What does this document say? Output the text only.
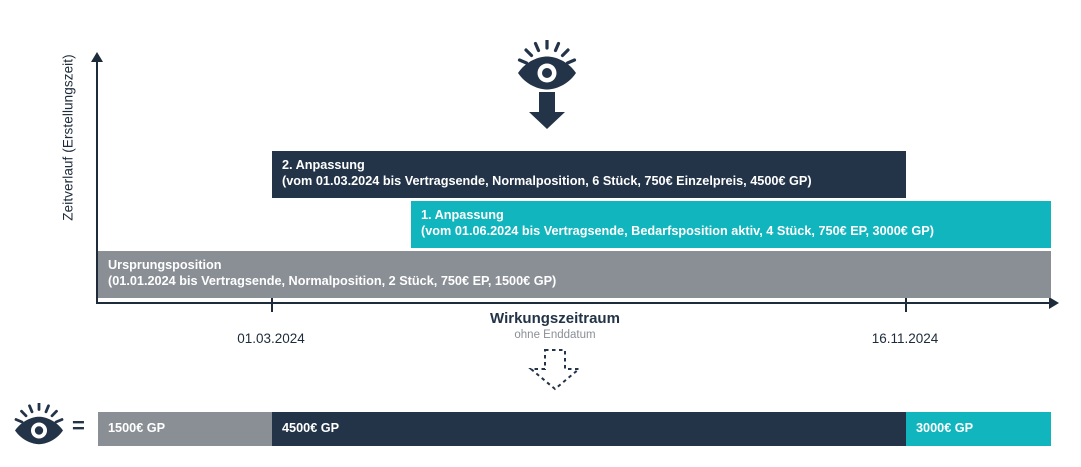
Zeitverlauf (Erstellungszeit)
01.03.2024	16.11.2024
2. Anpassung
(vom 01.03.2024 bis Vertragsende, Normalposition, 6 Stück, 750€ Einzelpreis, 4500€ GP)
1. Anpassung
(vom 01.06.2024 bis Vertragsende, Bedarfsposition aktiv, 4 Stück, 750€ EP, 3000€ GP)
Ursprungsposition
(01.01.2024 bis Vertragsende, Normalposition, 2 Stück, 750€ EP, 1500€ GP)
Wirkungszeitraum
ohne Enddatum
=	1500€ GP	4500€ GP	3000€ GP
